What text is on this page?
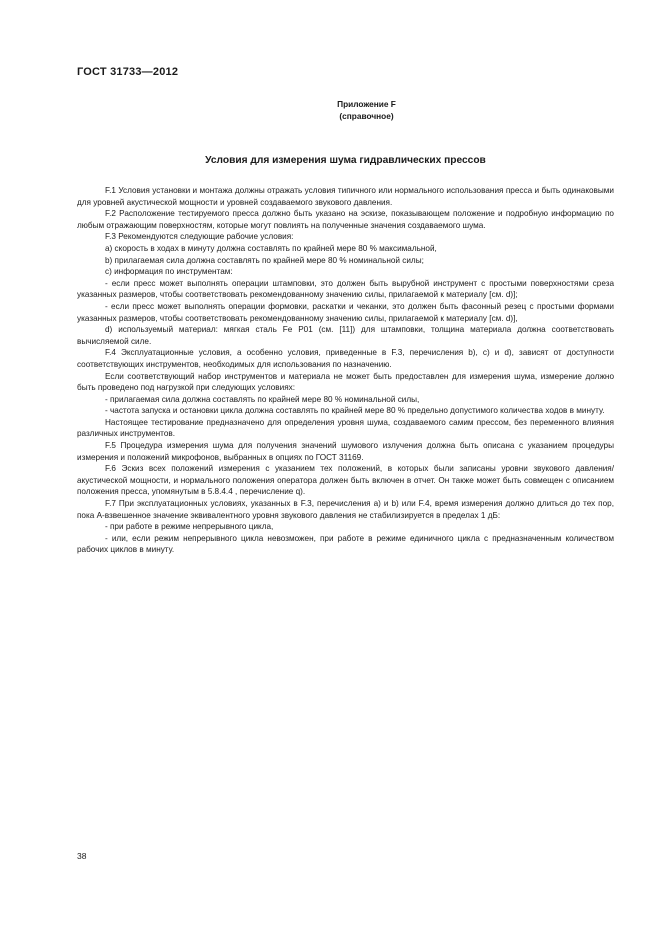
ГОСТ 31733—2012
Приложение F
(справочное)
Условия для измерения шума гидравлических прессов

F.1 Условия установки и монтажа должны отражать условия типичного или нормального использования пресса и быть одинаковыми для уровней акустической мощности и уровней создаваемого звукового давления.

F.2 Расположение тестируемого пресса должно быть указано на эскизе, показывающем положение и подробную информацию по любым отражающим поверхностям, которые могут повлиять на полученные значения создаваемого шума.

F.3 Рекомендуются следующие рабочие условия:

а) скорость в ходах в минуту должна составлять по крайней мере 80 % максимальной,

b) прилагаемая сила должна составлять по крайней мере 80 % номинальной силы;

с) информация по инструментам:

- если пресс может выполнять операции штамповки, это должен быть вырубной инструмент с простыми поверхностями среза указанных размеров, чтобы соответствовать рекомендованному значению силы, прилагаемой к материалу [см. d)];

- если пресс может выполнять операции формовки, раскатки и чеканки, это должен быть фасонный резец с простыми формами указанных размеров, чтобы соответствовать рекомендованному значению силы, прилагаемой к материалу [см. d)],

d) используемый материал: мягкая сталь Fe P01 (см. [11]) для штамповки, толщина материала должна соответствовать вычисляемой силе.

F.4 Эксплуатационные условия, а особенно условия, приведенные в F.3, перечисления b), с) и d), зависят от доступности соответствующих инструментов, необходимых для использования по назначению.

Если соответствующий набор инструментов и материала не может быть предоставлен для измерения шума, измерение должно быть проведено под нагрузкой при следующих условиях:

- прилагаемая сила должна составлять по крайней мере 80 % номинальной силы,

- частота запуска и остановки цикла должна составлять по крайней мере 80 % предельно допустимого количества ходов в минуту.

Настоящее тестирование предназначено для определения уровня шума, создаваемого самим прессом, без переменного влияния различных инструментов.

F.5 Процедура измерения шума для получения значений шумового излучения должна быть описана с указанием процедуры измерения и положений микрофонов, выбранных в опциях по ГОСТ 31169.

F.6 Эскиз всех положений измерения с указанием тех положений, в которых были записаны уровни звукового давления/акустической мощности, и нормального положения оператора должен быть включен в отчет. Он также может быть совмещен с описанием положения пресса, упомянутым в 5.8.4.4 , перечисление q).

F.7 При эксплуатационных условиях, указанных в F.3, перечисления а) и b) или F.4, время измерения должно длиться до тех пор, пока А-взвешенное значение эквивалентного уровня звукового давления не стабилизируется в пределах 1 дБ:

- при работе в режиме непрерывного цикла,

- или, если режим непрерывного цикла невозможен, при работе в режиме единичного цикла с предназначенным количеством рабочих циклов в минуту.

38
